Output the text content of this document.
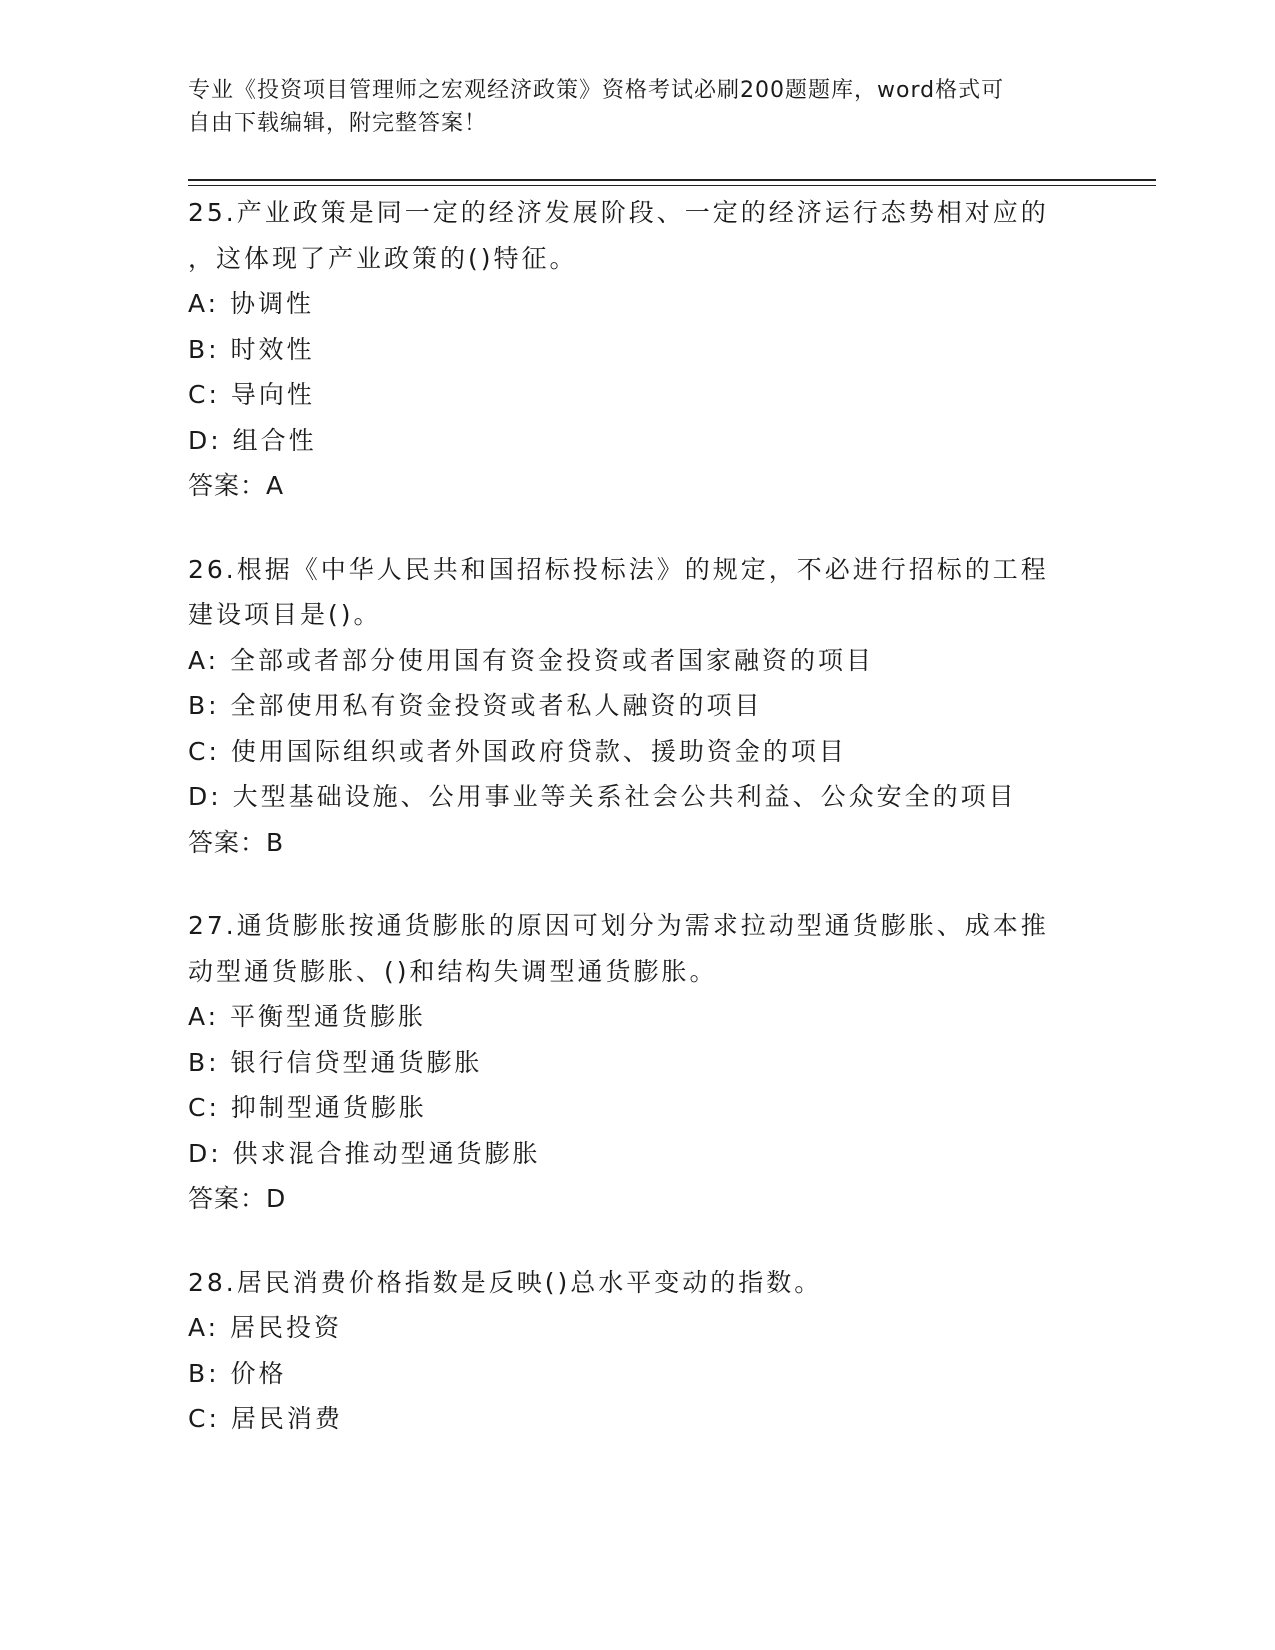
专业《投资项目管理师之宏观经济政策》资格考试必刷200题题库，word格式可
自由下载编辑，附完整答案！
25.产业政策是同一定的经济发展阶段、一定的经济运行态势相对应的
，这体现了产业政策的()特征。
A: 协调性
B: 时效性
C: 导向性
D: 组合性
答案：A
26.根据《中华人民共和国招标投标法》的规定，不必进行招标的工程
建设项目是()。
A: 全部或者部分使用国有资金投资或者国家融资的项目
B: 全部使用私有资金投资或者私人融资的项目
C: 使用国际组织或者外国政府贷款、援助资金的项目
D: 大型基础设施、公用事业等关系社会公共利益、公众安全的项目
答案：B
27.通货膨胀按通货膨胀的原因可划分为需求拉动型通货膨胀、成本推
动型通货膨胀、()和结构失调型通货膨胀。
A: 平衡型通货膨胀
B: 银行信贷型通货膨胀
C: 抑制型通货膨胀
D: 供求混合推动型通货膨胀
答案：D
28.居民消费价格指数是反映()总水平变动的指数。
A: 居民投资
B: 价格
C: 居民消费
